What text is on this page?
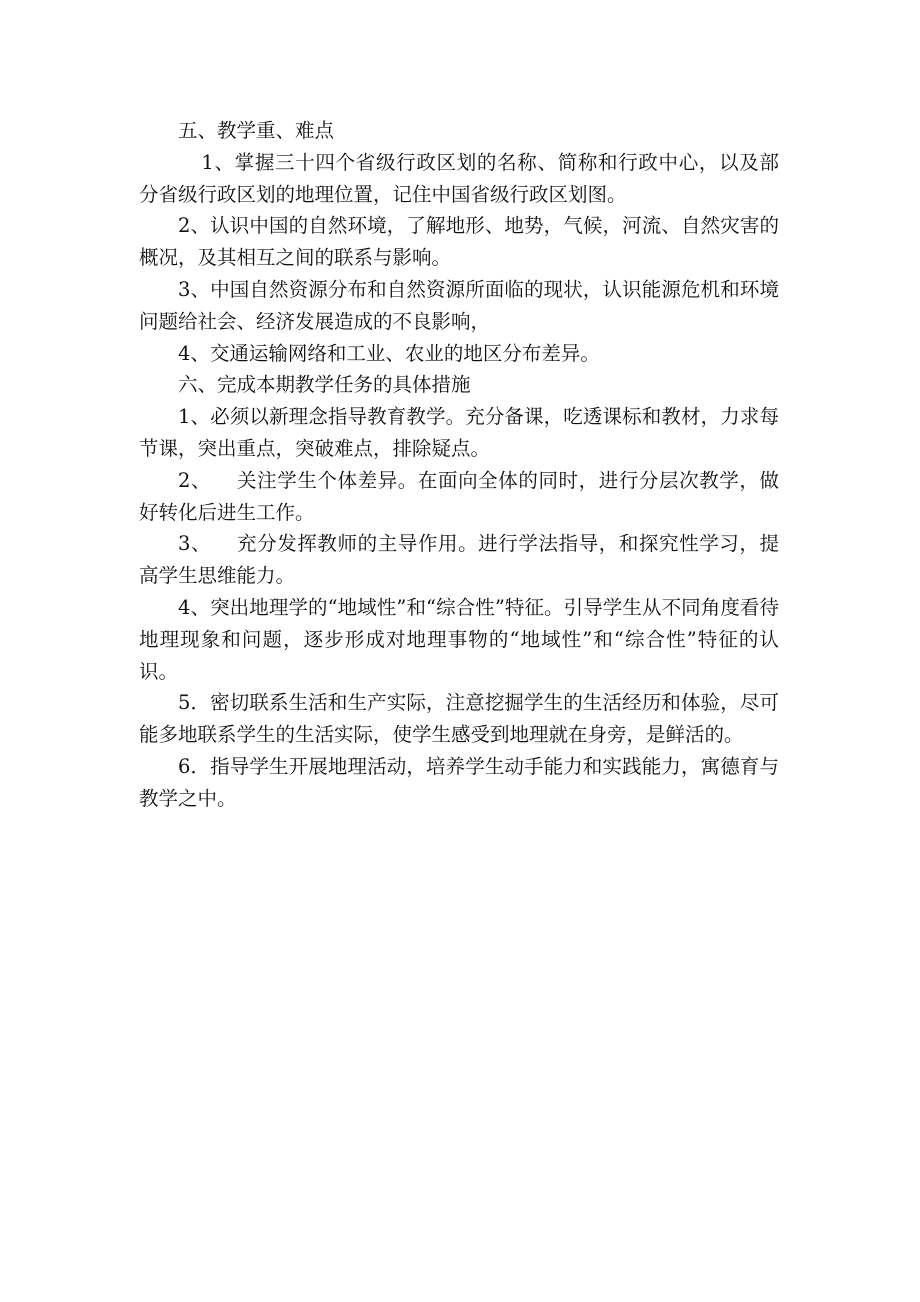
五、教学重、难点

1、掌握三十四个省级行政区划的名称、简称和行政中心，以及部分省级行政区划的地理位置，记住中国省级行政区划图。

2、认识中国的自然环境，了解地形、地势，气候，河流、自然灾害的概况，及其相互之间的联系与影响。

3、中国自然资源分布和自然资源所面临的现状，认识能源危机和环境问题给社会、经济发展造成的不良影响，

4、交通运输网络和工业、农业的地区分布差异。

六、完成本期教学任务的具体措施

1、必须以新理念指导教育教学。充分备课，吃透课标和教材，力求每节课，突出重点，突破难点，排除疑点。

2、 关注学生个体差异。在面向全体的同时，进行分层次教学，做好转化后进生工作。

3、 充分发挥教师的主导作用。进行学法指导，和探究性学习，提高学生思维能力。

4、突出地理学的“地域性”和“综合性”特征。引导学生从不同角度看待地理现象和问题，逐步形成对地理事物的“地域性”和“综合性”特征的认识。

5．密切联系生活和生产实际，注意挖掘学生的生活经历和体验，尽可能多地联系学生的生活实际，使学生感受到地理就在身旁，是鲜活的。

6．指导学生开展地理活动，培养学生动手能力和实践能力，寓德育与教学之中。
